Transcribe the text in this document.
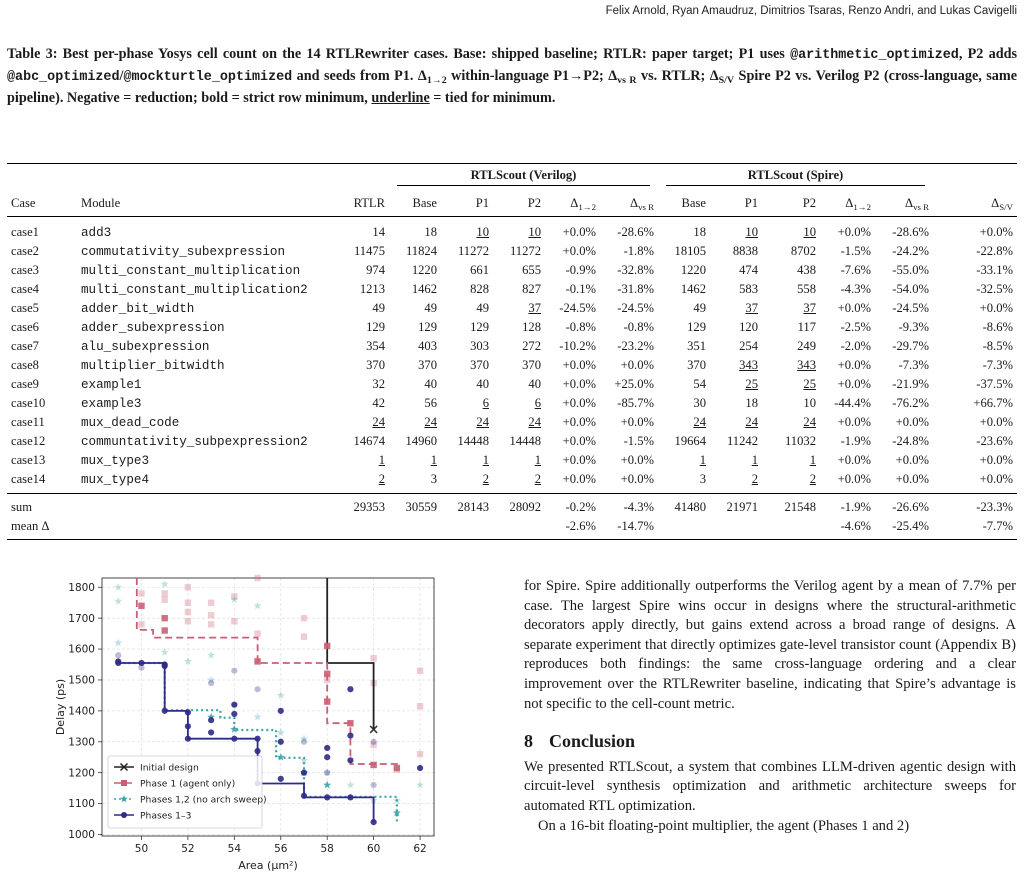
Felix Arnold, Ryan Amaudruz, Dimitrios Tsaras, Renzo Andri, and Lukas Cavigelli
Table 3: Best per-phase Yosys cell count on the 14 RTLRewriter cases. Base: shipped baseline; RTLR: paper target; P1 uses @arithmetic_optimized, P2 adds @abc_optimized/@mockturtle_optimized and seeds from P1. $\Delta_{1\to 2}$ within-language P1→P2; $\Delta_{vs R}$ vs. RTLR; $\Delta_{S/V}$ Spire P2 vs. Verilog P2 (cross-language, same pipeline). Negative = reduction; bold = strict row minimum, underline = tied for minimum.

			RTLScout (Verilog)					RTLScout (Spire)					

Case	Module	RTLR	Base	P1	P2	$\Delta_{1\to 2}$	$\Delta_{vs R}$	Base	P1	P2	$\Delta_{1\to 2}$	$\Delta_{vs R}$	$\Delta_{S/V}$
case1	add3	14	18	10	10	+0.0%	-28.6%	18	10	10	+0.0%	-28.6%	+0.0%
case2	commutativity_subexpression	11475	11824	11272	11272	+0.0%	-1.8%	18105	8838	8702	-1.5%	-24.2%	-22.8%
case3	multi_constant_multiplication	974	1220	661	655	-0.9%	-32.8%	1220	474	438	-7.6%	-55.0%	-33.1%
case4	multi_constant_multiplication2	1213	1462	828	827	-0.1%	-31.8%	1462	583	558	-4.3%	-54.0%	-32.5%
case5	adder_bit_width	49	49	49	37	-24.5%	-24.5%	49	37	37	+0.0%	-24.5%	+0.0%
case6	adder_subexpression	129	129	129	128	-0.8%	-0.8%	129	120	117	-2.5%	-9.3%	-8.6%
case7	alu_subexpression	354	403	303	272	-10.2%	-23.2%	351	254	249	-2.0%	-29.7%	-8.5%
case8	multiplier_bitwidth	370	370	370	370	+0.0%	+0.0%	370	343	343	+0.0%	-7.3%	-7.3%
case9	example1	32	40	40	40	+0.0%	+25.0%	54	25	25	+0.0%	-21.9%	-37.5%
case10	example3	42	56	6	6	+0.0%	-85.7%	30	18	10	-44.4%	-76.2%	+66.7%
case11	mux_dead_code	24	24	24	24	+0.0%	+0.0%	24	24	24	+0.0%	+0.0%	+0.0%
case12	communtativity_subpexpression2	14674	14960	14448	14448	+0.0%	-1.5%	19664	11242	11032	-1.9%	-24.8%	-23.6%
case13	mux_type3	1	1	1	1	+0.0%	+0.0%	1	1	1	+0.0%	+0.0%	+0.0%
case14	mux_type4	2	3	2	2	+0.0%	+0.0%	3	2	2	+0.0%	+0.0%	+0.0%
sum		29353	30559	28143	28092	-0.2%	-4.3%	41480	21971	21548	-1.9%	-26.6%	-23.3%
mean Δ						-2.6%	-14.7%				-4.6%	-25.4%	-7.7%
50	52	54	56	58	60	62
1000
1100
1200
1300
1400
1500
1600
1700
1800
Area (μm²)
Delay (ps)
Initial design
Phase 1 (agent only)
Phases 1,2 (no arch sweep)
Phases 1–3

for Spire. Spire additionally outperforms the Verilog agent by a mean of 7.7% per case. The largest Spire wins occur in designs where the structural-arithmetic decorators apply directly, but gains extend across a broad range of designs. A separate experiment that directly optimizes gate-level transistor count (Appendix B) reproduces both findings: the same cross-language ordering and a clear improvement over the RTLRewriter baseline, indicating that Spire’s advantage is not specific to the cell-count metric.

8 Conclusion

We presented RTLScout, a system that combines LLM-driven agentic design with circuit-level synthesis optimization and arithmetic architecture sweeps for automated RTL optimization.

On a 16-bit floating-point multiplier, the agent (Phases 1 and 2)
